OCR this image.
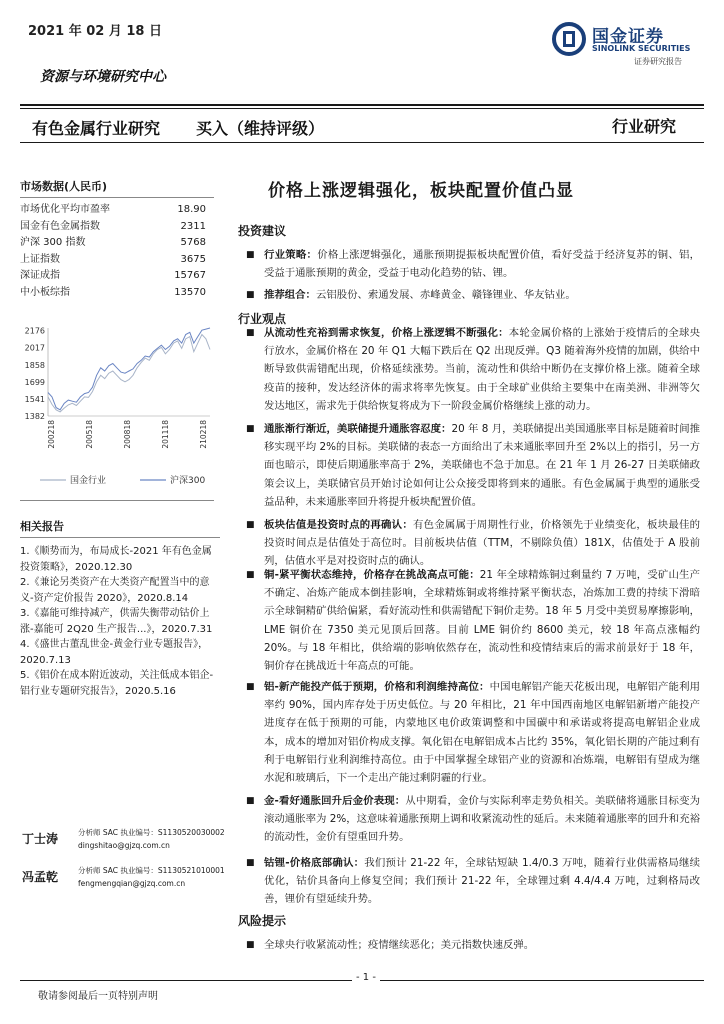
2021 年 02 月 18 日	国金证券
SINOLINK SECURITIES
证券研究报告
资源与环境研究中心
有色金属行业研究 买入（维持评级）	行业研究
市场数据(人民币)
市场优化平均市盈率	18.90
国金有色金属指数	2311
沪深 300 指数	5768
上证指数	3675
深证成指	15767
中小板综指	13570
2176
2017
1858
1699
1541
1382
200218	200518	200818	201118	210218
国金行业	沪深300
相关报告
1.《顺势而为，布局成长-2021 年有色金属投资策略》，2020.12.30
2.《兼论另类资产在大类资产配置当中的意义-资产定价报告 2020》，2020.8.14
3.《嘉能可维持减产，供需失衡带动钴价上涨-嘉能可 2Q20 生产报告...》，2020.7.31
4.《盛世古董乱世金-黄金行业专题报告》，2020.7.13
5.《铝价在成本附近波动，关注低成本铝企-铝行业专题研究报告》，2020.5.16
丁士涛	分析师 SAC 执业编号：S1130520030002
dingshitao@gjzq.com.cn
冯孟乾	分析师 SAC 执业编号：S1130521010001
fengmengqian@gjzq.com.cn
价格上涨逻辑强化，板块配置价值凸显
投资建议
■ 行业策略：价格上涨逻辑强化，通胀预期提振板块配置价值，看好受益于经济复苏的铜、铝，受益于通胀预期的黄金，受益于电动化趋势的钴、锂。
■ 推荐组合：云铝股份、索通发展、赤峰黄金、赣锋锂业、华友钴业。
行业观点
■ 从流动性充裕到需求恢复，价格上涨逻辑不断强化：本轮金属价格的上涨始于疫情后的全球央行放水，金属价格在 20 年 Q1 大幅下跌后在 Q2 出现反弹。Q3 随着海外疫情的加剧，供给中断导致供需错配出现，价格延续涨势。当前，流动性和供给中断仍在支撑价格上涨。随着全球疫苗的接种，发达经济体的需求将率先恢复。由于全球矿业供给主要集中在南美洲、非洲等欠发达地区，需求先于供给恢复将成为下一阶段金属价格继续上涨的动力。
■ 通胀渐行渐近，美联储提升通胀容忍度：20 年 8 月，美联储提出美国通胀率目标是随着时间推移实现平均 2%的目标。美联储的表态一方面给出了未来通胀率回升至 2%以上的指引，另一方面也暗示，即使后期通胀率高于 2%，美联储也不急于加息。在 21 年 1 月 26-27 日美联储政策会议上，美联储官员开始讨论如何让公众接受即将到来的通胀。有色金属属于典型的通胀受益品种，未来通胀率回升将提升板块配置价值。
■ 板块估值是投资时点的再确认：有色金属属于周期性行业，价格领先于业绩变化，板块最佳的投资时间点是估值处于高位时。目前板块估值（TTM，不剔除负值）181X，估值处于 A 股前列，估值水平是对投资时点的确认。
■ 铜-紧平衡状态维持，价格存在挑战高点可能：21 年全球精炼铜过剩量约 7 万吨，受矿山生产不确定、冶炼产能成本倒挂影响，全球精炼铜或将维持紧平衡状态，冶炼加工费的持续下滑暗示全球铜精矿供给偏紧，看好流动性和供需错配下铜价走势。18 年 5 月受中美贸易摩擦影响，LME 铜价在 7350 美元见顶后回落。目前 LME 铜价约 8600 美元，较 18 年高点涨幅约 20%。与 18 年相比，供给端的影响依然存在，流动性和疫情结束后的需求前景好于 18 年，铜价存在挑战近十年高点的可能。
■ 铝-新产能投产低于预期，价格和利润维持高位：中国电解铝产能天花板出现，电解铝产能利用率约 90%，国内库存处于历史低位。与 20 年相比，21 年中国西南地区电解铝新增产能投产进度存在低于预期的可能，内蒙地区电价政策调整和中国碳中和承诺或将提高电解铝企业成本，成本的增加对铝价构成支撑。氧化铝在电解铝成本占比约 35%，氧化铝长期的产能过剩有利于电解铝行业利润维持高位。由于中国掌握全球铝产业的资源和冶炼端，电解铝有望成为继水泥和玻璃后，下一个走出产能过剩阴霾的行业。
■ 金-看好通胀回升后金价表现：从中期看，金价与实际利率走势负相关。美联储将通胀目标变为滚动通胀率为 2%，这意味着通胀预期上调和收紧流动性的延后。未来随着通胀率的回升和充裕的流动性，金价有望重回升势。
■ 钴锂-价格底部确认：我们预计 21-22 年，全球钴短缺 1.4/0.3 万吨，随着行业供需格局继续优化，钴价具备向上修复空间；我们预计 21-22 年，全球锂过剩 4.4/4.4 万吨，过剩格局改善，锂价有望延续升势。
风险提示
■ 全球央行收紧流动性；疫情继续恶化；美元指数快速反弹。
- 1 -
敬请参阅最后一页特别声明
